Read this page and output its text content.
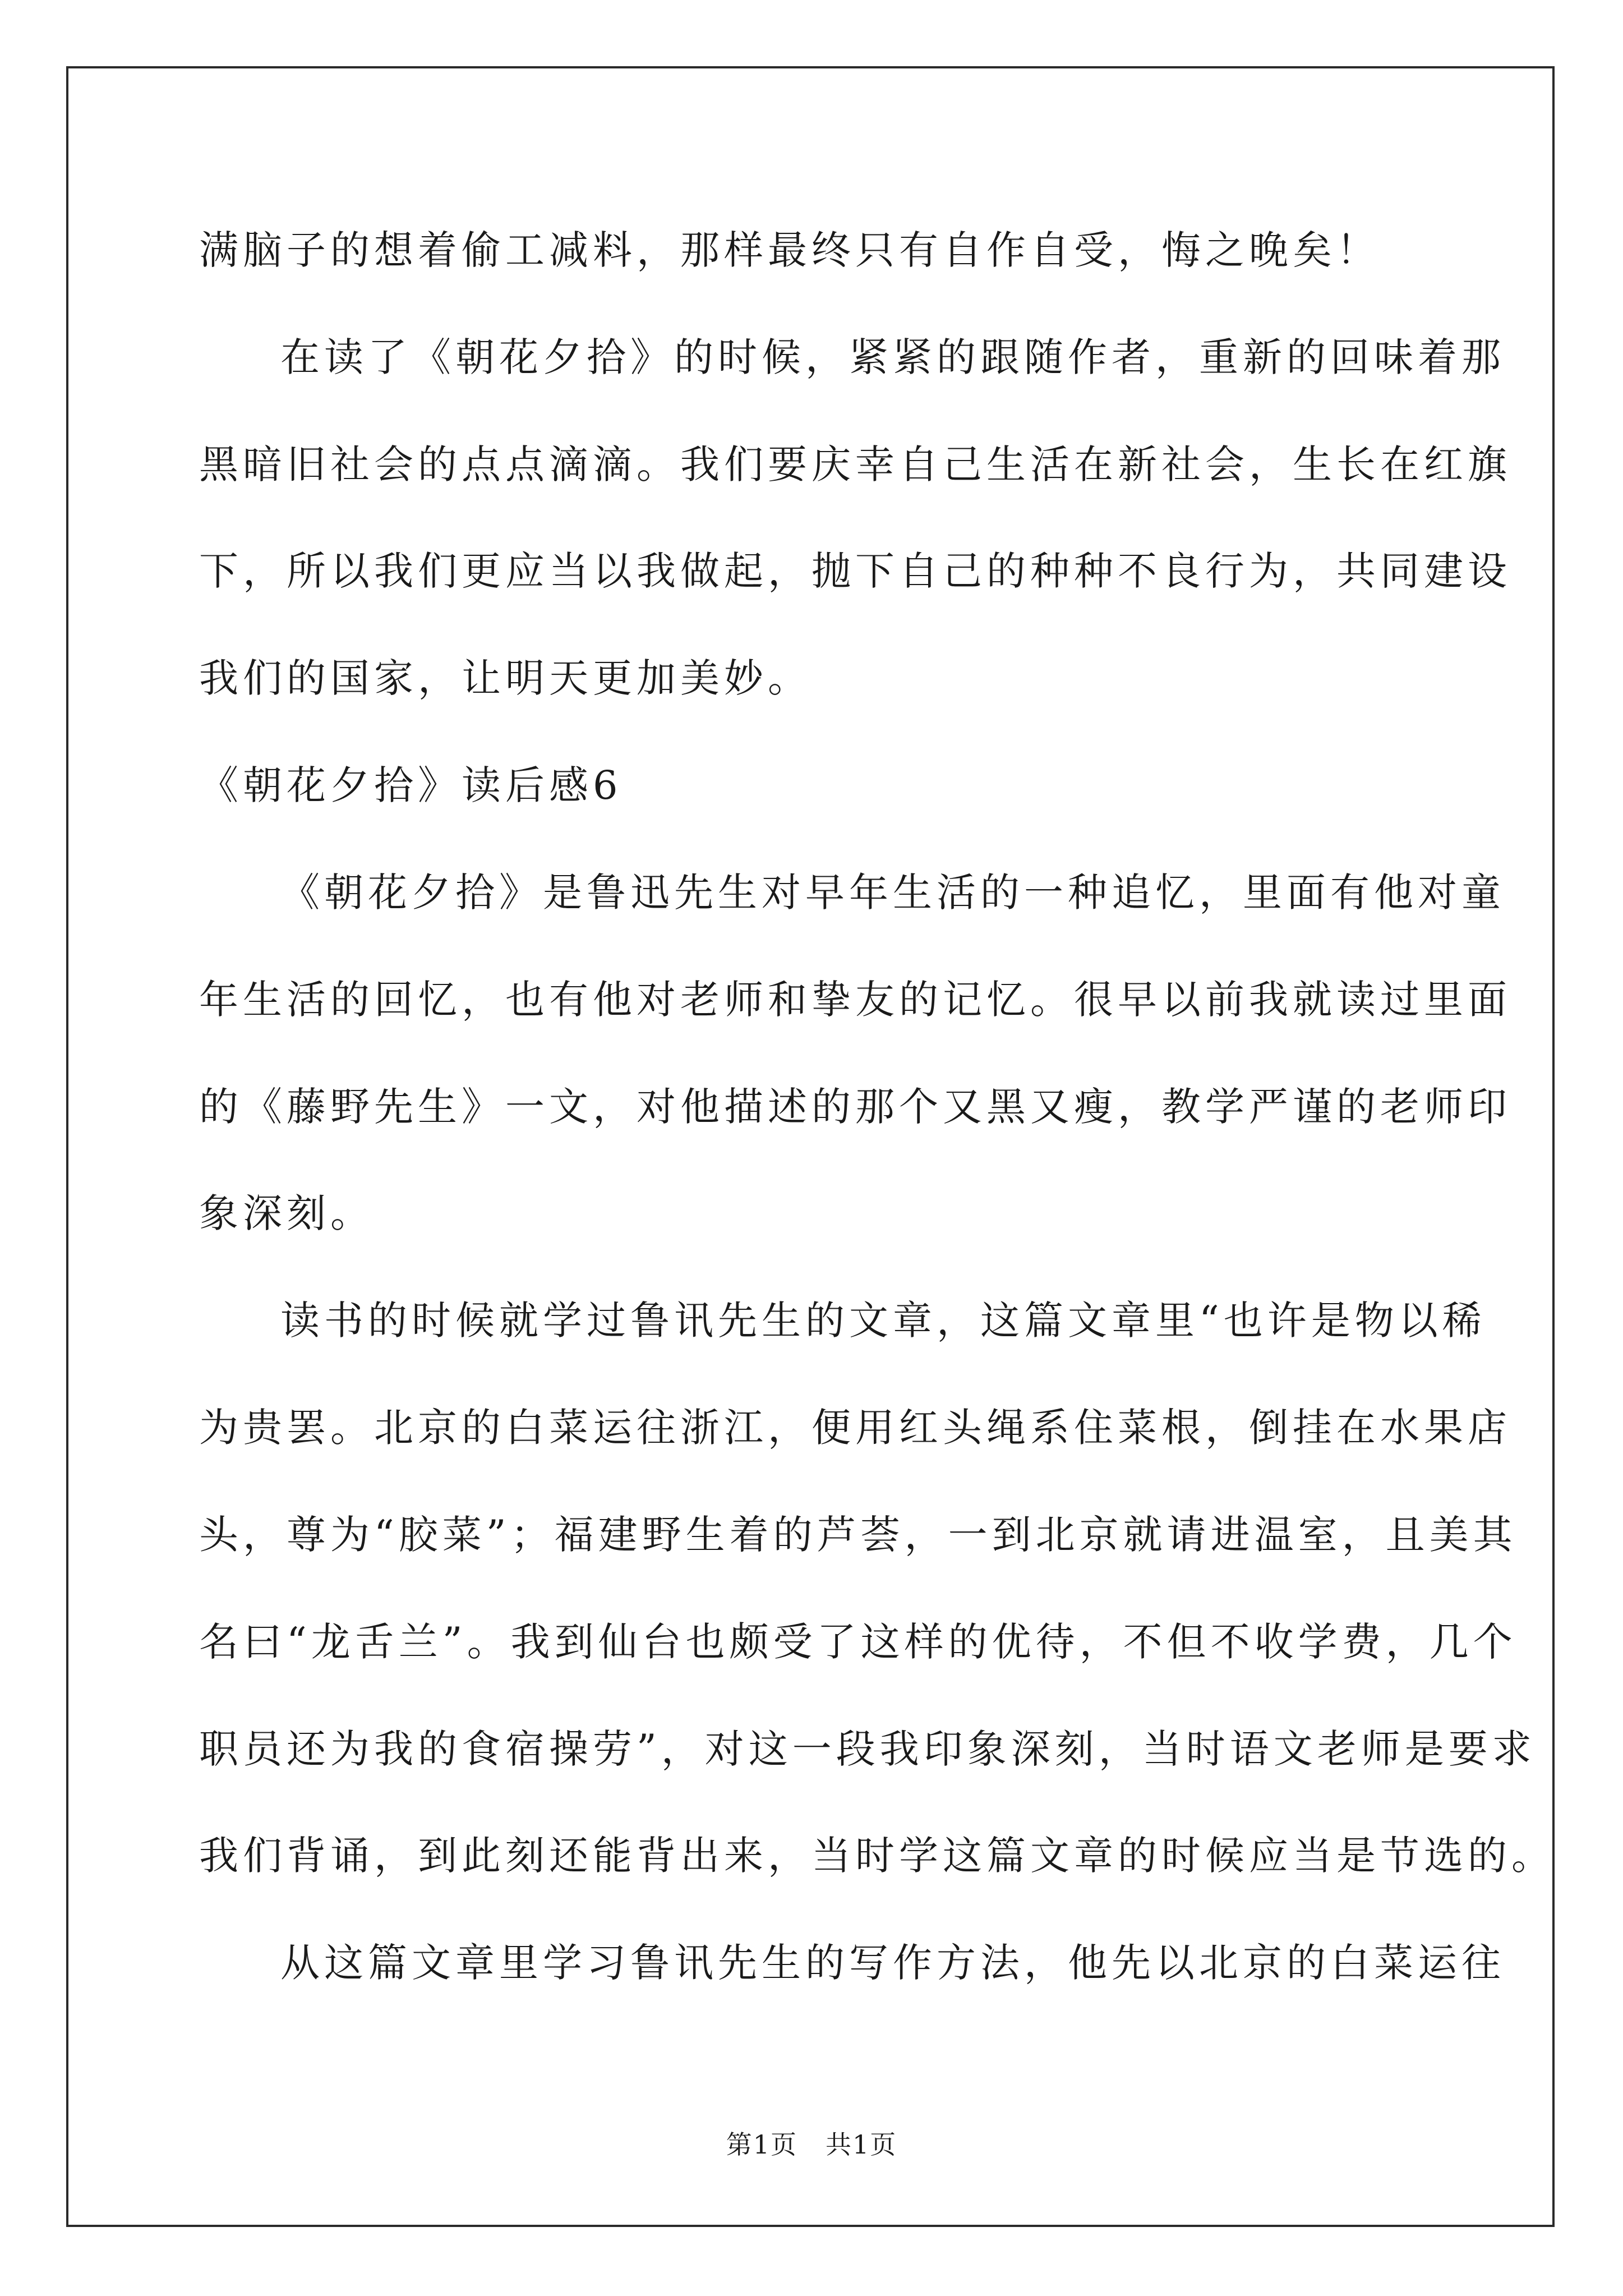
满脑子的想着偷工减料，那样最终只有自作自受，悔之晚矣！
在读了《朝花夕拾》的时候，紧紧的跟随作者，重新的回味着那
黑暗旧社会的点点滴滴。我们要庆幸自己生活在新社会，生长在红旗
下，所以我们更应当以我做起，抛下自己的种种不良行为，共同建设
我们的国家，让明天更加美妙。
《朝花夕拾》读后感6
《朝花夕拾》是鲁迅先生对早年生活的一种追忆，里面有他对童
年生活的回忆，也有他对老师和挚友的记忆。很早以前我就读过里面
的《藤野先生》一文，对他描述的那个又黑又瘦，教学严谨的老师印
象深刻。
读书的时候就学过鲁讯先生的文章，这篇文章里“也许是物以稀
为贵罢。北京的白菜运往浙江，便用红头绳系住菜根，倒挂在水果店
头，尊为“胶菜”；福建野生着的芦荟，一到北京就请进温室，且美其
名曰“龙舌兰”。我到仙台也颇受了这样的优待，不但不收学费，几个
职员还为我的食宿操劳”，对这一段我印象深刻，当时语文老师是要求
我们背诵，到此刻还能背出来，当时学这篇文章的时候应当是节选的。
从这篇文章里学习鲁讯先生的写作方法，他先以北京的白菜运往
第1页 共1页
